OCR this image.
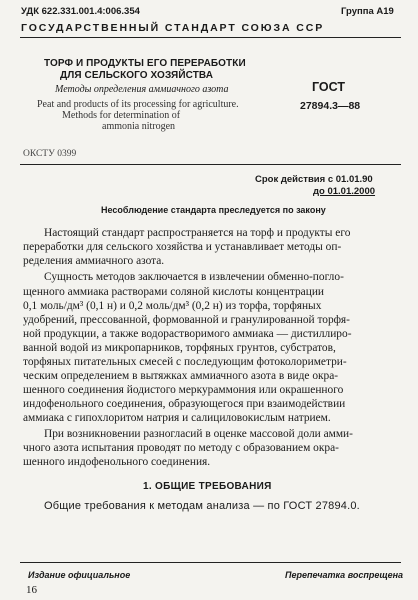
УДК 622.331.001.4:006.354	Группа А19
ГОСУДАРСТВЕННЫЙ СТАНДАРТ СОЮЗА ССР
ТОРФ И ПРОДУКТЫ ЕГО ПЕРЕРАБОТКИ
ДЛЯ СЕЛЬСКОГО ХОЗЯЙСТВА
Методы определения аммиачного азота
Peat and products of its processing for agriculture.
Methods for determination of
ammonia nitrogen
ГОСТ
27894.3—88
ОКСТУ 0399
Срок действия с 01.01.90
до 01.01.2000
Несоблюдение стандарта преследуется по закону
Настоящий стандарт распространяется на торф и продукты его
переработки для сельского хозяйства и устанавливает методы оп-
ределения аммиачного азота.
Сущность методов заключается в извлечении обменно-погло-
щенного аммиака растворами соляной кислоты концентрации
0,1 моль/дм³ (0,1 н) и 0,2 моль/дм³ (0,2 н) из торфа, торфяных
удобрений, прессованной, формованной и гранулированной торфя-
ной продукции, а также водорастворимого аммиака — дистиллиро-
ванной водой из микропарников, торфяных грунтов, субстратов,
торфяных питательных смесей с последующим фотоколориметри-
ческим определением в вытяжках аммиачного азота в виде окра-
шенного соединения йодистого меркураммония или окрашенного
индофенольного соединения, образующегося при взаимодействии
аммиака с гипохлоритом натрия и салициловокислым натрием.
При возникновении разногласий в оценке массовой доли амми-
чного азота испытания проводят по методу с образованием окра-
шенного индофенольного соединения.
1. ОБЩИЕ ТРЕБОВАНИЯ
Общие требования к методам анализа — по ГОСТ 27894.0.
Издание официальное	Перепечатка воспрещена
16
